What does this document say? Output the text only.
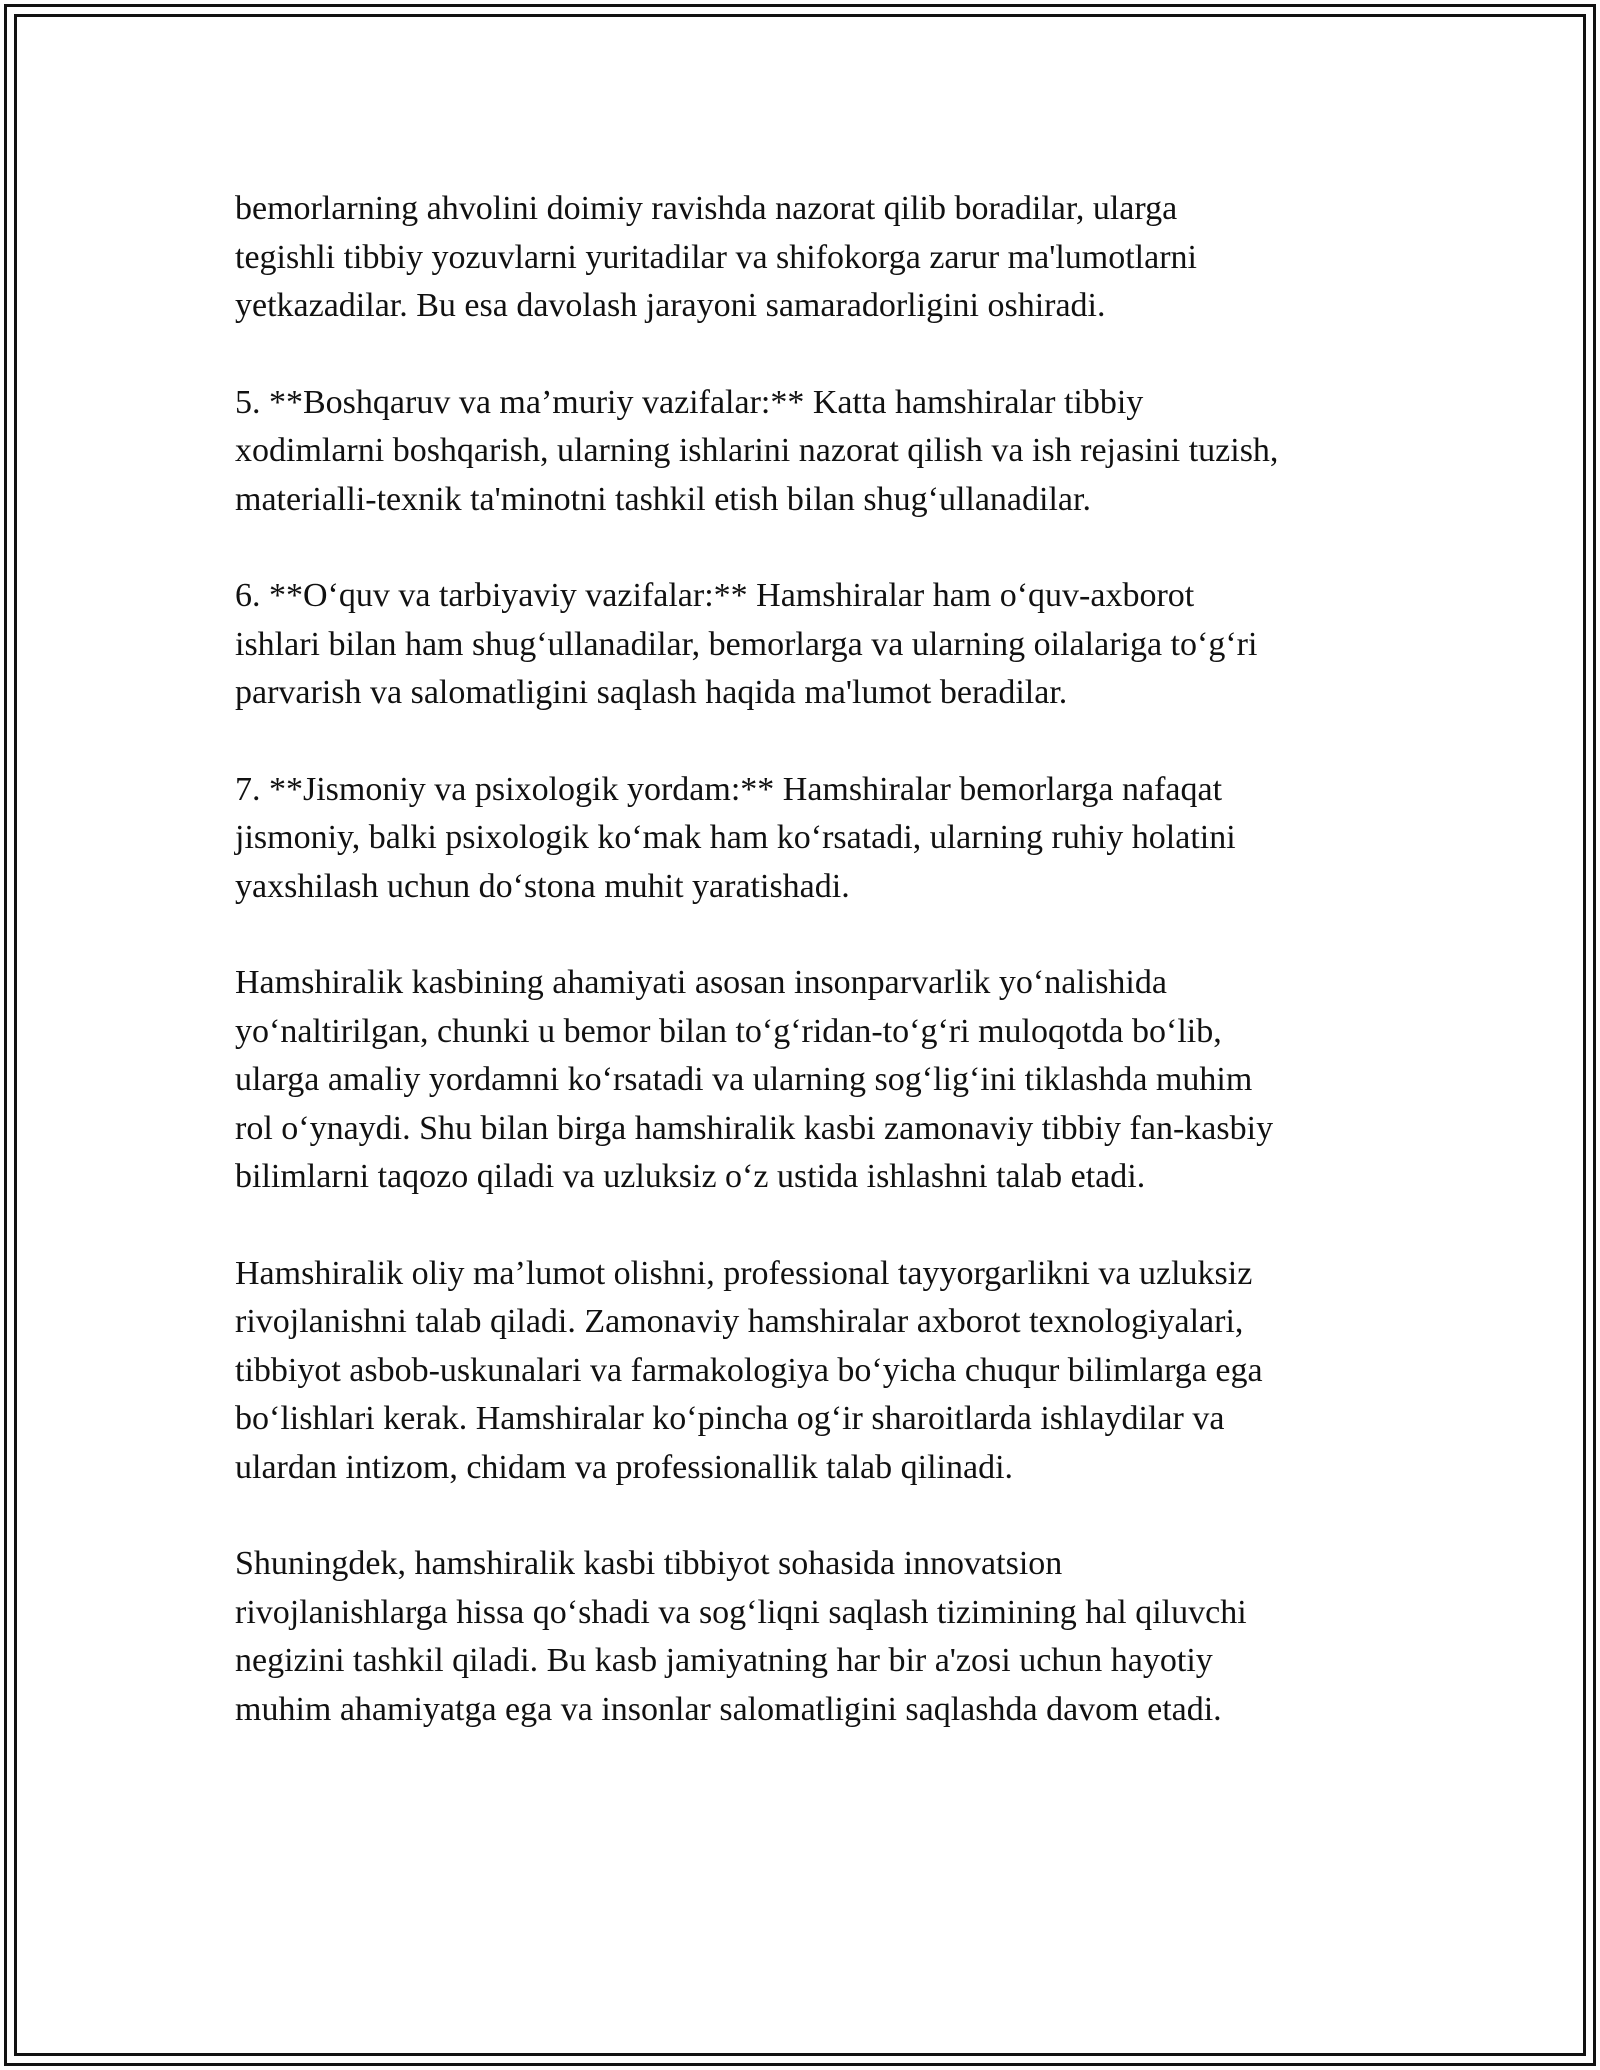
bemorlarning ahvolini doimiy ravishda nazorat qilib boradilar, ularga
tegishli tibbiy yozuvlarni yuritadilar va shifokorga zarur ma'lumotlarni
yetkazadilar. Bu esa davolash jarayoni samaradorligini oshiradi.
5. **Boshqaruv va ma’muriy vazifalar:** Katta hamshiralar tibbiy
xodimlarni boshqarish, ularning ishlarini nazorat qilish va ish rejasini tuzish,
materialli-texnik ta'minotni tashkil etish bilan shug‘ullanadilar.
6. **O‘quv va tarbiyaviy vazifalar:** Hamshiralar ham o‘quv-axborot
ishlari bilan ham shug‘ullanadilar, bemorlarga va ularning oilalariga to‘g‘ri
parvarish va salomatligini saqlash haqida ma'lumot beradilar.
7. **Jismoniy va psixologik yordam:** Hamshiralar bemorlarga nafaqat
jismoniy, balki psixologik ko‘mak ham ko‘rsatadi, ularning ruhiy holatini
yaxshilash uchun do‘stona muhit yaratishadi.
Hamshiralik kasbining ahamiyati asosan insonparvarlik yo‘nalishida
yo‘naltirilgan, chunki u bemor bilan to‘g‘ridan-to‘g‘ri muloqotda bo‘lib,
ularga amaliy yordamni ko‘rsatadi va ularning sog‘lig‘ini tiklashda muhim
rol o‘ynaydi. Shu bilan birga hamshiralik kasbi zamonaviy tibbiy fan-kasbiy
bilimlarni taqozo qiladi va uzluksiz o‘z ustida ishlashni talab etadi.
Hamshiralik oliy ma’lumot olishni, professional tayyorgarlikni va uzluksiz
rivojlanishni talab qiladi. Zamonaviy hamshiralar axborot texnologiyalari,
tibbiyot asbob-uskunalari va farmakologiya bo‘yicha chuqur bilimlarga ega
bo‘lishlari kerak. Hamshiralar ko‘pincha og‘ir sharoitlarda ishlaydilar va
ulardan intizom, chidam va professionallik talab qilinadi.
Shuningdek, hamshiralik kasbi tibbiyot sohasida innovatsion
rivojlanishlarga hissa qo‘shadi va sog‘liqni saqlash tizimining hal qiluvchi
negizini tashkil qiladi. Bu kasb jamiyatning har bir a'zosi uchun hayotiy
muhim ahamiyatga ega va insonlar salomatligini saqlashda davom etadi.
